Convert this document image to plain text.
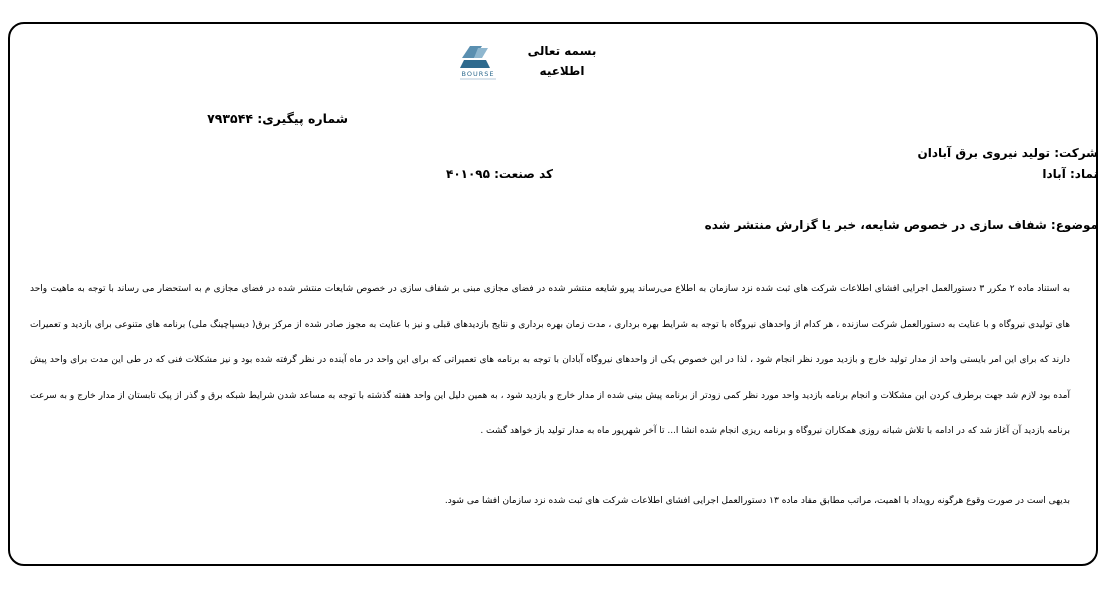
BOURSE
بسمه تعالی
اطلاعیه
شماره پیگیری: ۷۹۳۵۴۴
شرکت: تولید نیروی برق آبادان
نماد: آبادا
کد صنعت: ۴۰۱۰۹۵
موضوع: شفاف سازی در خصوص شایعه، خبر یا گزارش منتشر شده
به استناد ماده ۲ مکرر ۳ دستورالعمل اجرایی افشای اطلاعات شرکت های ثبت شده نزد سازمان به اطلاع می‌رساند پیرو شایعه منتشر شده در فضای مجازی مبنی بر شفاف سازی در خصوص شایعات منتشر شده در فضای مجازی م به استحضار می رساند با توجه به ماهیت واحد های تولیدی نیروگاه و با عنایت به دستورالعمل شرکت سازنده ، هر کدام از واحدهای نیروگاه با توجه به شرایط بهره برداری ، مدت زمان بهره برداری و نتایج بازدیدهای قبلی و نیز با عنایت به مجوز صادر شده از مرکز برق( دیسپاچینگ ملی) برنامه های متنوعی برای بازدید و تعمیرات دارند که برای این امر بایستی واحد از مدار تولید خارج و بازدید مورد نظر انجام شود ، لذا در این خصوص یکی از واحدهای نیروگاه آبادان با توجه به برنامه های تعمیراتی که برای این واحد در ماه آینده در نظر گرفته شده بود و نیز مشکلات فنی که در طی این مدت برای واحد پیش آمده بود لازم شد جهت برطرف کردن این مشکلات و انجام برنامه بازدید واحد مورد نظر کمی زودتر از برنامه پیش بینی شده از مدار خارج و بازدید شود ، به همین دلیل این واحد هفته گذشته با توجه به مساعد شدن شرایط شبکه برق و گذر از پیک تابستان از مدار خارج و به سرعت برنامه بازدید آن آغاز شد که در ادامه با تلاش شبانه روزی همکاران نیروگاه و برنامه ریزی انجام شده انشا ا... تا آخر شهریور ماه به مدار تولید باز خواهد گشت .
بدیهی است در صورت وقوع هرگونه رویداد با اهمیت، مراتب مطابق مفاد ماده ۱۳ دستورالعمل اجرایی افشای اطلاعات شرکت های ثبت شده نزد سازمان افشا می شود.
